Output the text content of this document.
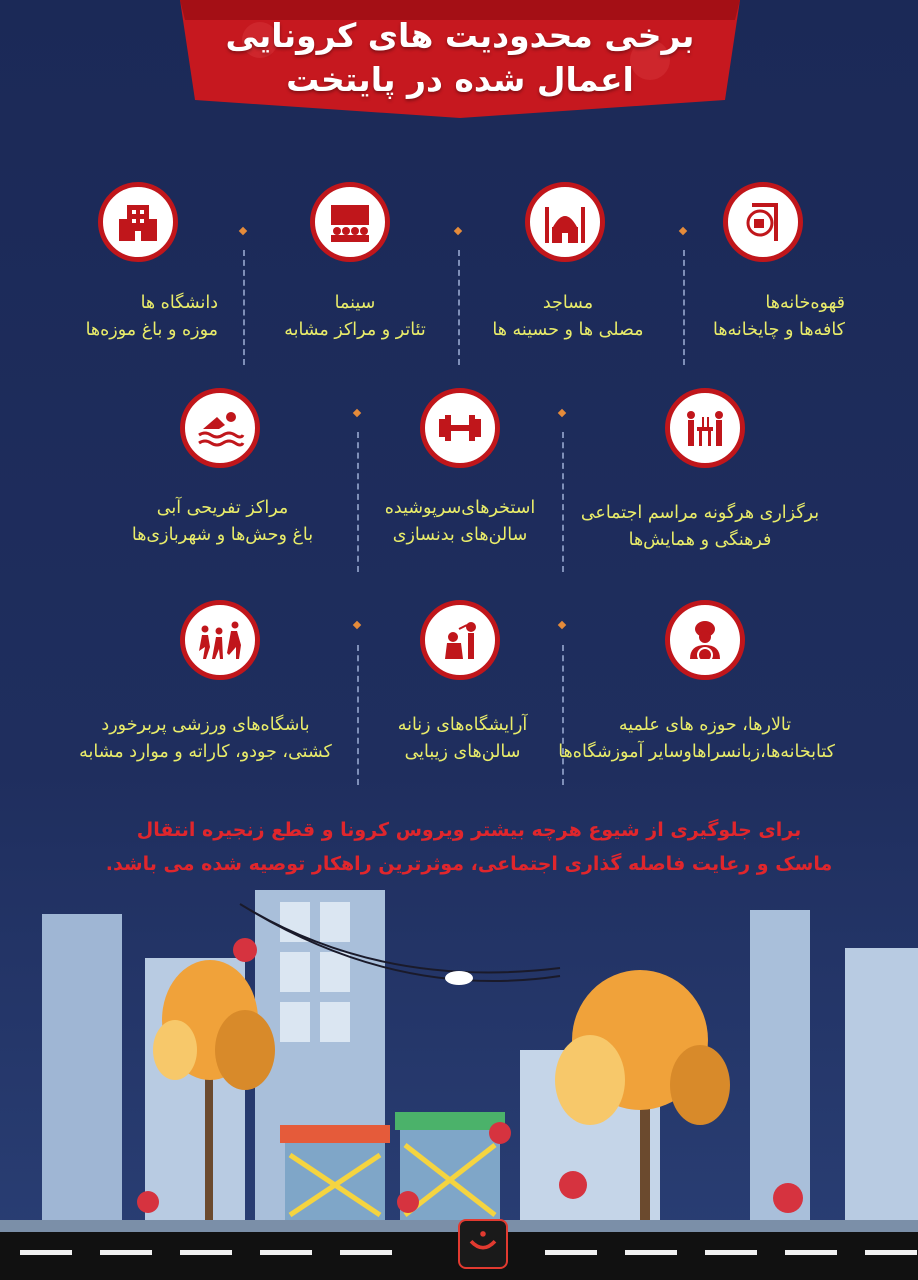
برخی محدودیت های کرونایی
اعمال شده در پایتخت
قهوه‌خانه‌ها
کافه‌ها و چایخانه‌ها
مساجد
مصلی ها و حسینه ها
سینما
تئاتر و مراکز مشابه
دانشگاه ها
موزه و باغ موزه‌ها
برگزاری هرگونه مراسم اجتماعی
فرهنگی و همایش‌ها
استخرهای‌سرپوشیده
سالن‌های بدنسازی
مراکز تفریحی آبی
باغ وحش‌ها و شهربازی‌ها
تالارها، حوزه های علمیه
کتابخانه‌ها،زبانسراهاوسایر آموزشگاه‌ها
آرایشگاه‌های زنانه
سالن‌های زیبایی
باشگاه‌های ورزشی پربرخورد
کشتی، جودو، کاراته و موارد مشابه
برای جلوگیری از شیوع هرچه بیشتر ویروس کرونا و قطع زنجیره انتقال
ماسک و رعایت فاصله گذاری اجتماعی، موثرترین راهکار توصیه شده می باشد.
